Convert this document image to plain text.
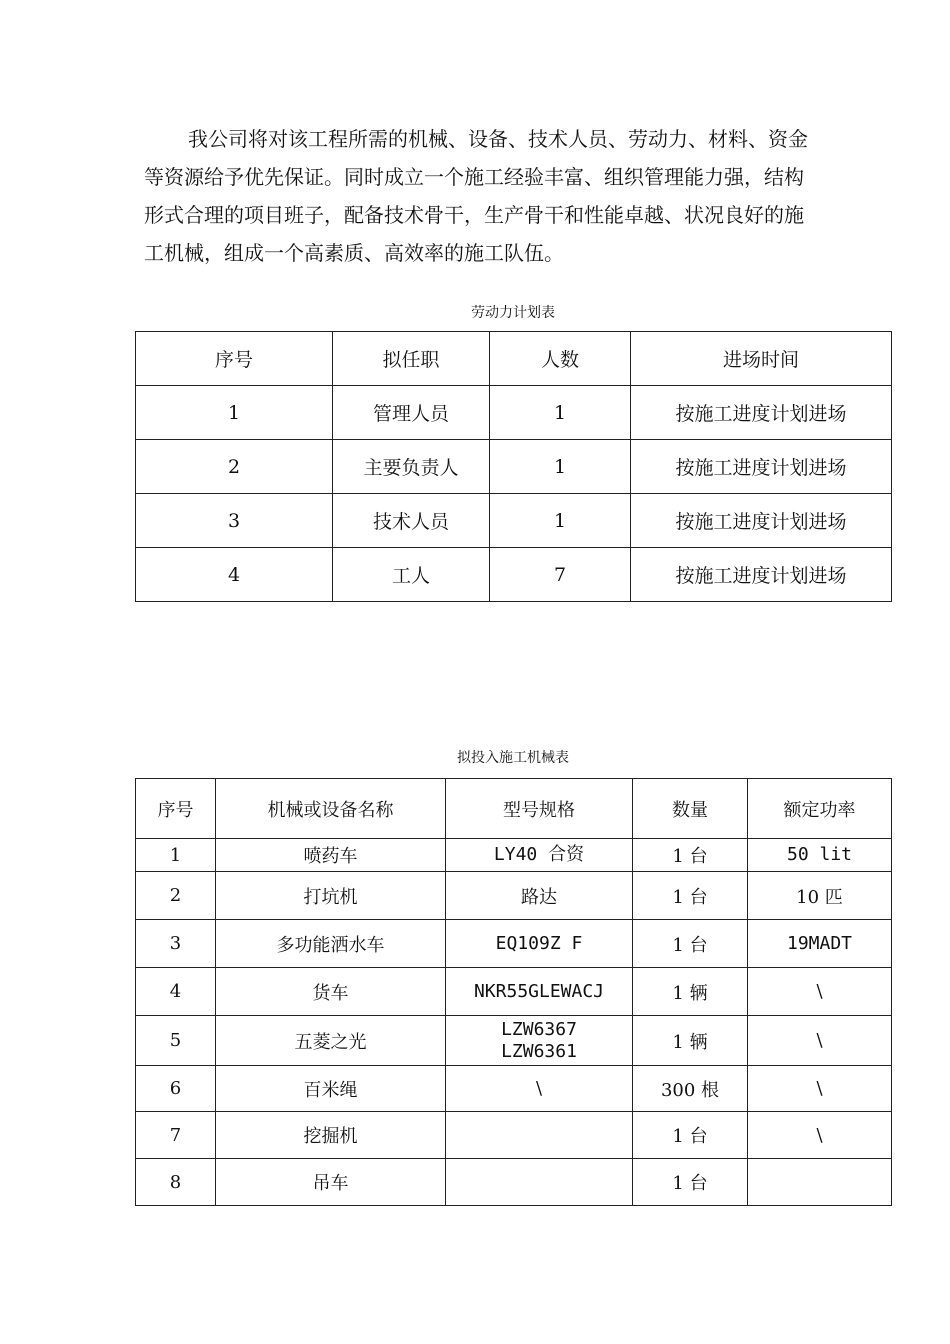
我公司将对该工程所需的机械、设备、技术人员、劳动力、材料、资金等资源给予优先保证。同时成立一个施工经验丰富、组织管理能力强，结构形式合理的项目班子，配备技术骨干，生产骨干和性能卓越、状况良好的施工机械，组成一个高素质、高效率的施工队伍。

劳动力计划表
序号	拟任职	人数	进场时间
1	管理人员	1	按施工进度计划进场
2	主要负责人	1	按施工进度计划进场
3	技术人员	1	按施工进度计划进场
4	工人	7	按施工进度计划进场
拟投入施工机械表
序号	机械或设备名称	型号规格	数量	额定功率
1	喷药车	LY40 合资	1 台	50 lit
2	打坑机	路达	1 台	10 匹
3	多功能洒水车	EQ109Z F	1 台	19MADT
4	货车	NKR55GLEWACJ	1 辆	\
5	五菱之光	LZW6367
LZW6361	1 辆	\
6	百米绳	\	300 根	\
7	挖掘机		1 台	\
8	吊车		1 台	
